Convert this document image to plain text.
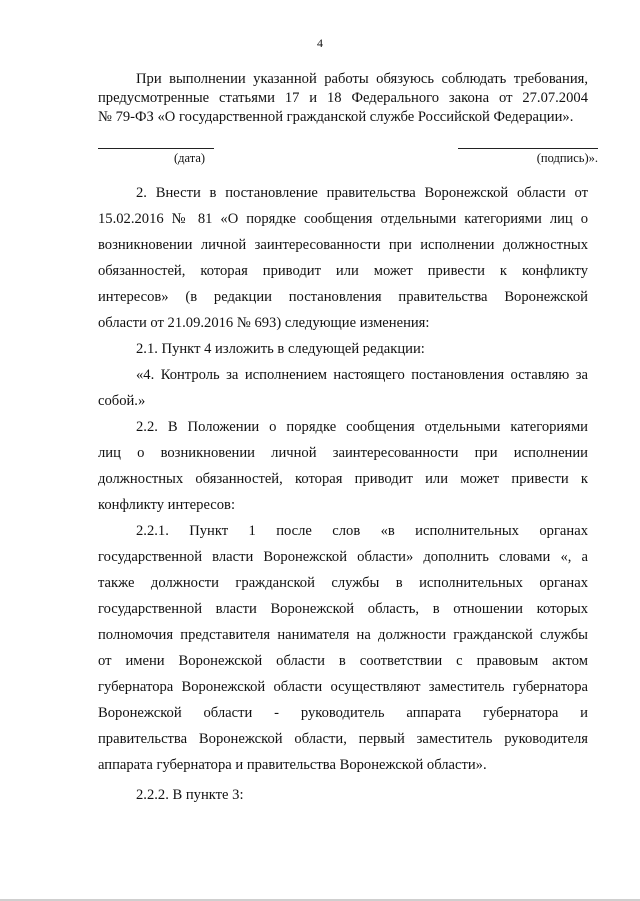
4
При выполнении указанной работы обязуюсь соблюдать требования,
предусмотренные статьями 17 и 18 Федерального закона от 27.07.2004
№ 79-ФЗ «О государственной гражданской службе Российской Федерации».
(дата)	(подпись)».
2. Внести в постановление правительства Воронежской области от
15.02.2016 № 81 «О порядке сообщения отдельными категориями лиц о
возникновении личной заинтересованности при исполнении должностных
обязанностей, которая приводит или может привести к конфликту
интересов» (в редакции постановления правительства Воронежской
области от 21.09.2016 № 693) следующие изменения:
2.1. Пункт 4 изложить в следующей редакции:
«4. Контроль за исполнением настоящего постановления оставляю за
собой.»
2.2. В Положении о порядке сообщения отдельными категориями
лиц о возникновении личной заинтересованности при исполнении
должностных обязанностей, которая приводит или может привести к
конфликту интересов:
2.2.1. Пункт 1 после слов «в исполнительных органах
государственной власти Воронежской области» дополнить словами «, а
также должности гражданской службы в исполнительных органах
государственной власти Воронежской область, в отношении которых
полномочия представителя нанимателя на должности гражданской службы
от имени Воронежской области в соответствии с правовым актом
губернатора Воронежской области осуществляют заместитель губернатора
Воронежской области - руководитель аппарата губернатора и
правительства Воронежской области, первый заместитель руководителя
аппарата губернатора и правительства Воронежской области».
2.2.2. В пункте 3:
